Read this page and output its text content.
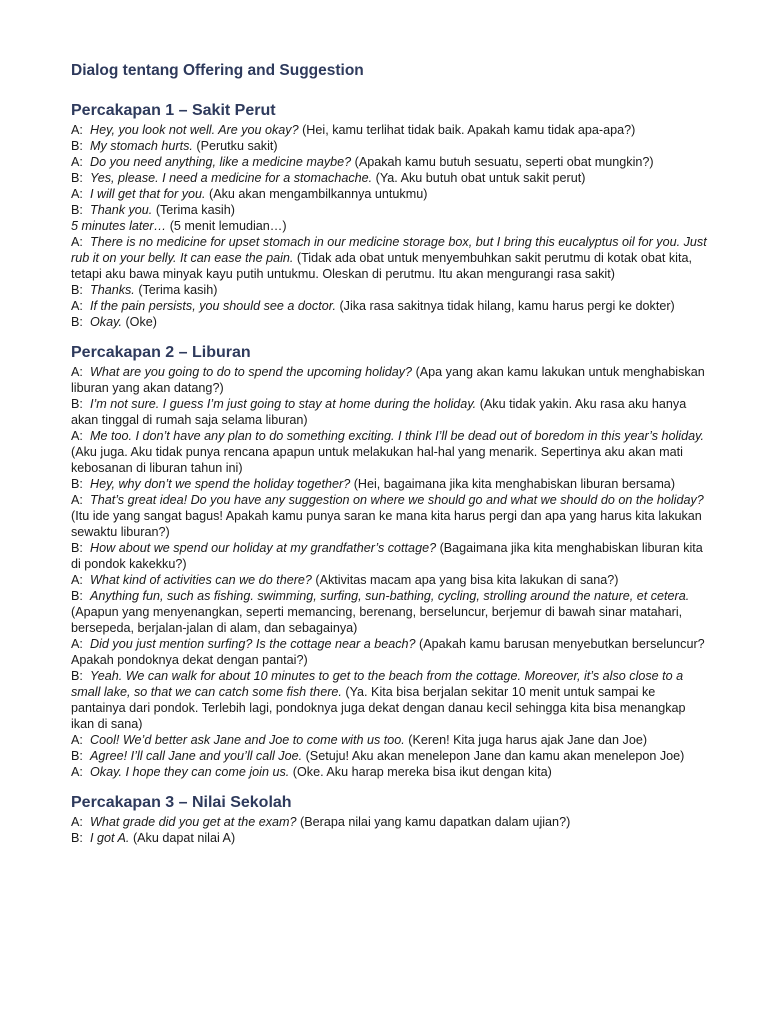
Dialog tentang Offering and Suggestion
Percakapan 1 – Sakit Perut

A: Hey, you look not well. Are you okay? (Hei, kamu terlihat tidak baik. Apakah kamu tidak apa-apa?)

B: My stomach hurts. (Perutku sakit)

A: Do you need anything, like a medicine maybe? (Apakah kamu butuh sesuatu, seperti obat mungkin?)

B: Yes, please. I need a medicine for a stomachache. (Ya. Aku butuh obat untuk sakit perut)

A: I will get that for you. (Aku akan mengambilkannya untukmu)

B: Thank you. (Terima kasih)

5 minutes later… (5 menit lemudian…)

A: There is no medicine for upset stomach in our medicine storage box, but I bring this eucalyptus oil for you. Just rub it on your belly. It can ease the pain. (Tidak ada obat untuk menyembuhkan sakit perutmu di kotak obat kita, tetapi aku bawa minyak kayu putih untukmu. Oleskan di perutmu. Itu akan mengurangi rasa sakit)

B: Thanks. (Terima kasih)

A: If the pain persists, you should see a doctor. (Jika rasa sakitnya tidak hilang, kamu harus pergi ke dokter)

B: Okay. (Oke)

Percakapan 2 – Liburan

A: What are you going to do to spend the upcoming holiday? (Apa yang akan kamu lakukan untuk menghabiskan liburan yang akan datang?)

B: I’m not sure. I guess I’m just going to stay at home during the holiday. (Aku tidak yakin. Aku rasa aku hanya akan tinggal di rumah saja selama liburan)

A: Me too. I don’t have any plan to do something exciting. I think I’ll be dead out of boredom in this year’s holiday. (Aku juga. Aku tidak punya rencana apapun untuk melakukan hal-hal yang menarik. Sepertinya aku akan mati kebosanan di liburan tahun ini)

B: Hey, why don’t we spend the holiday together? (Hei, bagaimana jika kita menghabiskan liburan bersama)

A: That’s great idea! Do you have any suggestion on where we should go and what we should do on the holiday? (Itu ide yang sangat bagus! Apakah kamu punya saran ke mana kita harus pergi dan apa yang harus kita lakukan sewaktu liburan?)

B: How about we spend our holiday at my grandfather’s cottage? (Bagaimana jika kita menghabiskan liburan kita di pondok kakekku?)

A: What kind of activities can we do there? (Aktivitas macam apa yang bisa kita lakukan di sana?)

B: Anything fun, such as fishing. swimming, surfing, sun-bathing, cycling, strolling around the nature, et cetera. (Apapun yang menyenangkan, seperti memancing, berenang, berseluncur, berjemur di bawah sinar matahari, bersepeda, berjalan-jalan di alam, dan sebagainya)

A: Did you just mention surfing? Is the cottage near a beach? (Apakah kamu barusan menyebutkan berseluncur? Apakah pondoknya dekat dengan pantai?)

B: Yeah. We can walk for about 10 minutes to get to the beach from the cottage. Moreover, it’s also close to a small lake, so that we can catch some fish there. (Ya. Kita bisa berjalan sekitar 10 menit untuk sampai ke pantainya dari pondok. Terlebih lagi, pondoknya juga dekat dengan danau kecil sehingga kita bisa menangkap ikan di sana)

A: Cool! We’d better ask Jane and Joe to come with us too. (Keren! Kita juga harus ajak Jane dan Joe)

B: Agree! I’ll call Jane and you’ll call Joe. (Setuju! Aku akan menelepon Jane dan kamu akan menelepon Joe)

A: Okay. I hope they can come join us. (Oke. Aku harap mereka bisa ikut dengan kita)

Percakapan 3 – Nilai Sekolah

A: What grade did you get at the exam? (Berapa nilai yang kamu dapatkan dalam ujian?)

B: I got A. (Aku dapat nilai A)
